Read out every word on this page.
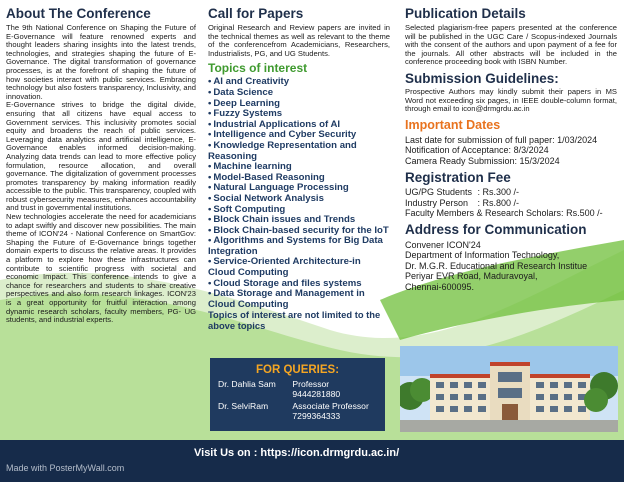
About The Conference

The 9th National Conference on Shaping the Future of E-Governance will feature renowned experts and thought leaders sharing insights into the latest trends, technologies, and strategies shaping the future of E-Governance. The digital transformation of governance processes, is at the forefront of shaping the future of how societies interact with public services. Embracing technology but also fosters transparency, Inclusivity, and innovation.

E-Governance strives to bridge the digital divide, ensuring that all citizens have equal access to Government services. This inclusivity promotes social equity and broadens the reach of public services. Leveraging data analytics and artificial intelligence, E-Governance enables informed decision-making. Analyzing data trends can lead to more effective policy formulation, resource allocation, and overall governance. The digitalization of government processes promotes transparency by making information readily accessible to the public. This transparency, coupled with robust cybersecurity measures, enhances accountability and trust in governmental institutions.

New technologies accelerate the need for academicians to adapt swiftly and discover new possibilities. The main theme of ICON'24 - National Conference on SmartGov: Shaping the Future of E-Governance brings together domain experts to discuss the relative areas. It provides a platform to explore how these infrastructures can contribute to scientific progress with societal and economic Impact. This conference intends to give a chance for researchers and students to share creative perspectives and also form research linkages. ICON'23 is a great opportunity for fruitful interaction among dynamic research scholars, faculty members, PG- UG students, and industrial experts.

Call for Papers

Original Research and Review papers are invited in the technical themes as well as relevant to the theme of the conferencefrom Academicians, Researchers, Industrialists, PG, and UG Students.

Topics of interest
• AI and Creativity
• Data Science
• Deep Learning
• Fuzzy Systems
• Industrial Applications of AI
• Intelligence and Cyber Security
• Knowledge Representation and Reasoning
• Machine learning
• Model-Based Reasoning
• Natural Language Processing
• Social Network Analysis
• Soft Computing
• Block Chain issues and Trends
• Block Chain-based security for the IoT
• Algorithms and Systems for Big Data Integration
• Service-Oriented Architecture-in Cloud Computing
• Cloud Storage and files systems
• Data Storage and Management in Cloud Computing

Topics of interest are not limited to the above topics

FOR QUERIES:
Dr. Dahlia Sam Professor
9444281880
Dr. SelviRam	Associate Professor
7299364333
Publication Details

Selected plagiarism-free papers presented at the conference will be published in the UGC Care / Scopus-indexed Journals with the consent of the authors and upon payment of a fee for the journals. All other abstracts will be included in the conference proceeding book with ISBN Number.

Submission Guidelines:

Prospective Authors may kindly submit their papers in MS Word not exceeding six pages, in IEEE double-column format, through email to icon@drmgrdu.ac.in

Important Dates

Last date for submission of full paper: 1/03/2024

Notification of Acceptance: 8/3/2024

Camera Ready Submission: 15/3/2024

Registration Fee
UG/PG Students : Rs.300 /-
Industry Person : Rs.800 /-
Faculty Members & Research Scholars: Rs.500 /-
Address for Communication

Convener ICON'24

Department of Information Technology,

Dr. M.G.R. Educational and Research Institue

Periyar EVR Road, Maduravoyal,

Chennai-600095.

Visit Us on : https://icon.drmgrdu.ac.in/
Made with PosterMyWall.com
